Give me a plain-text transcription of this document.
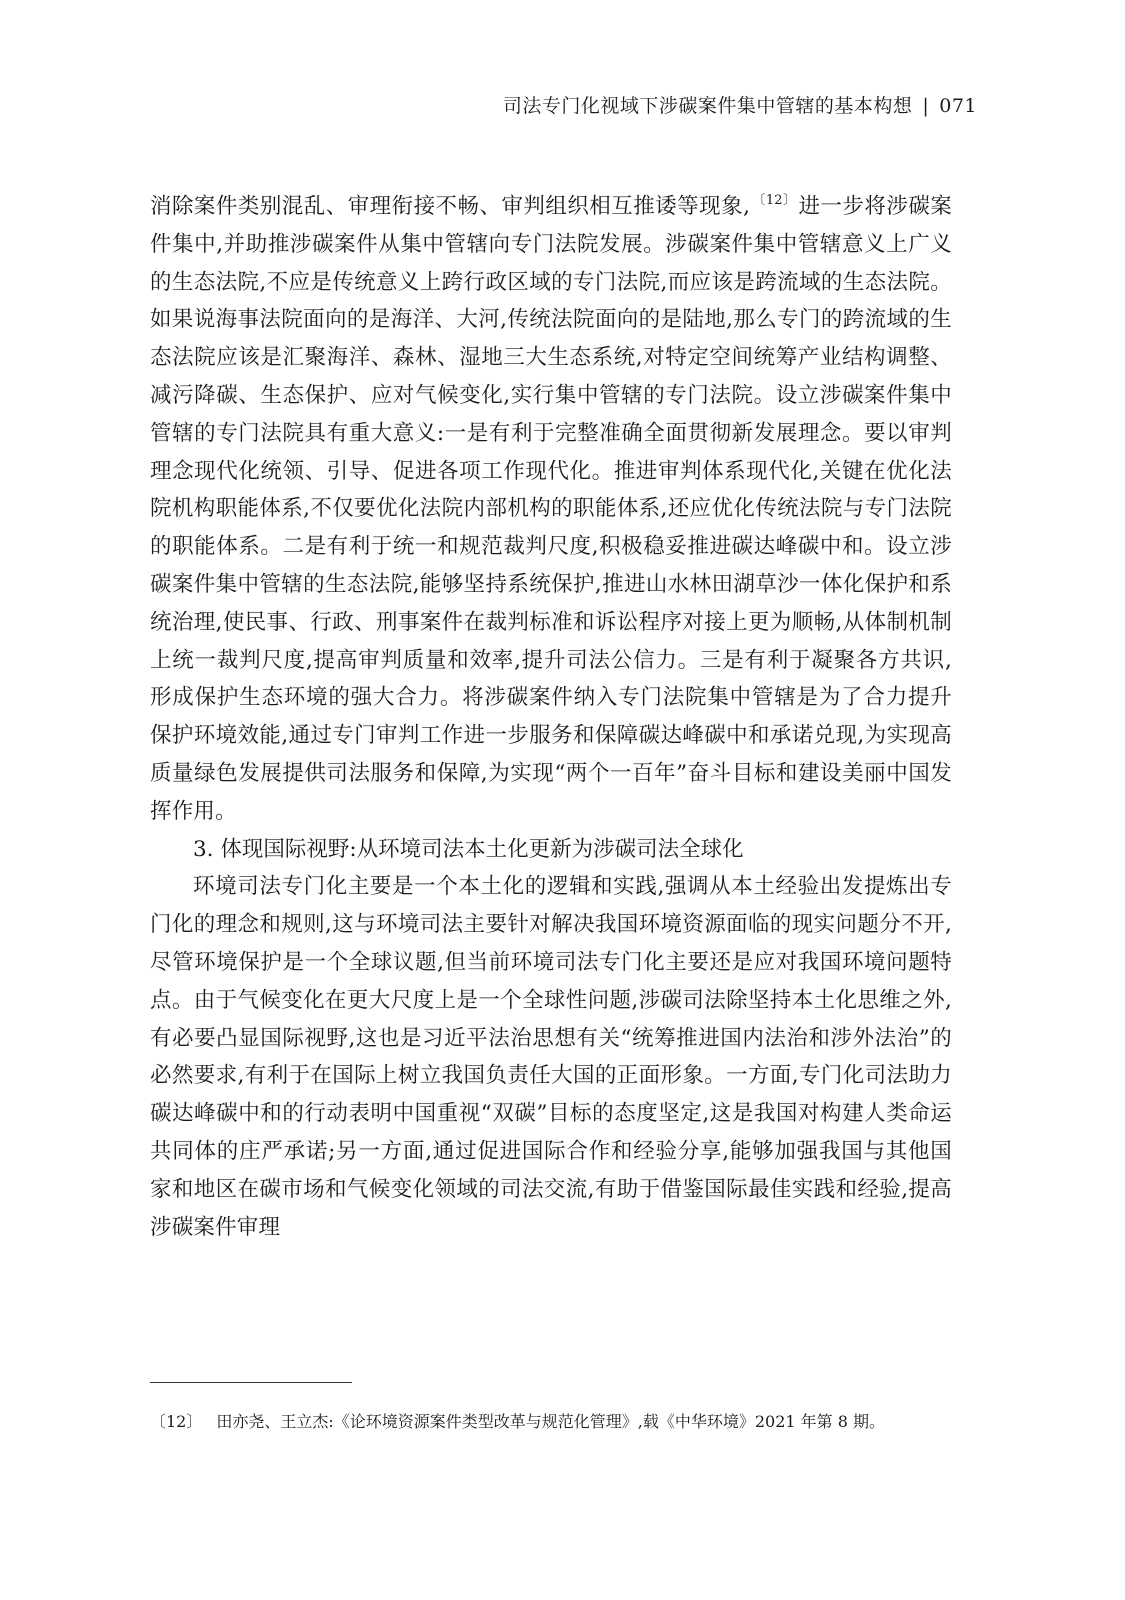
司法专门化视域下涉碳案件集中管辖的基本构想 | 071

消除案件类别混乱、审理衔接不畅、审判组织相互推诿等现象, $^{〔12〕}$进一步将涉碳案件集中,并助推涉碳案件从集中管辖向专门法院发展。涉碳案件集中管辖意义上广义的生态法院,不应是传统意义上跨行政区域的专门法院,而应该是跨流域的生态法院。如果说海事法院面向的是海洋、大河,传统法院面向的是陆地,那么专门的跨流域的生态法院应该是汇聚海洋、森林、湿地三大生态系统,对特定空间统筹产业结构调整、减污降碳、生态保护、应对气候变化,实行集中管辖的专门法院。设立涉碳案件集中管辖的专门法院具有重大意义:一是有利于完整准确全面贯彻新发展理念。要以审判理念现代化统领、引导、促进各项工作现代化。推进审判体系现代化,关键在优化法院机构职能体系,不仅要优化法院内部机构的职能体系,还应优化传统法院与专门法院的职能体系。二是有利于统一和规范裁判尺度,积极稳妥推进碳达峰碳中和。设立涉碳案件集中管辖的生态法院,能够坚持系统保护,推进山水林田湖草沙一体化保护和系统治理,使民事、行政、刑事案件在裁判标准和诉讼程序对接上更为顺畅,从体制机制上统一裁判尺度,提高审判质量和效率,提升司法公信力。三是有利于凝聚各方共识,形成保护生态环境的强大合力。将涉碳案件纳入专门法院集中管辖是为了合力提升保护环境效能,通过专门审判工作进一步服务和保障碳达峰碳中和承诺兑现,为实现高质量绿色发展提供司法服务和保障,为实现“两个一百年”奋斗目标和建设美丽中国发挥作用。

3. 体现国际视野:从环境司法本土化更新为涉碳司法全球化

环境司法专门化主要是一个本土化的逻辑和实践,强调从本土经验出发提炼出专门化的理念和规则,这与环境司法主要针对解决我国环境资源面临的现实问题分不开,尽管环境保护是一个全球议题,但当前环境司法专门化主要还是应对我国环境问题特点。由于气候变化在更大尺度上是一个全球性问题,涉碳司法除坚持本土化思维之外,有必要凸显国际视野,这也是习近平法治思想有关“统筹推进国内法治和涉外法治”的必然要求,有利于在国际上树立我国负责任大国的正面形象。一方面,专门化司法助力碳达峰碳中和的行动表明中国重视“双碳”目标的态度坚定,这是我国对构建人类命运共同体的庄严承诺;另一方面,通过促进国际合作和经验分享,能够加强我国与其他国家和地区在碳市场和气候变化领域的司法交流,有助于借鉴国际最佳实践和经验,提高涉碳案件审理

〔12〕 田亦尧、王立杰:《论环境资源案件类型改革与规范化管理》,载《中华环境》2021 年第 8 期。
